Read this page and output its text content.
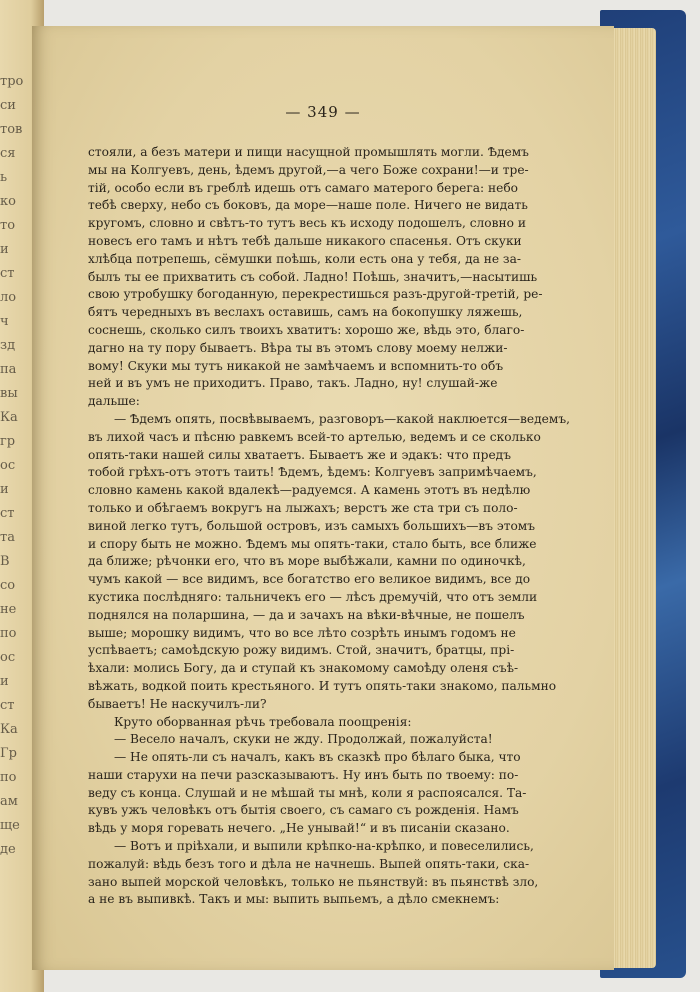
тро
си
тов
ся
ь
ко
то
и
ст
ло
ч
зд
па
вы
Ка
гр
ос
и
ст
та
В
со
не
по
ос
и
ст
Ка
Гр
по
ам
ще
де
— 349 —
стояли, а безъ матери и пищи насущной промышлять могли. Ѣдемъ
мы на Колгуевъ, день, ѣдемъ другой,—а чего Боже сохрани!—и тре-
тій, особо если въ греблѣ идешь отъ самаго матерого берега: небо
тебѣ сверху, небо съ боковъ, да море—наше поле. Ничего не видать
кругомъ, словно и свѣтъ-то тутъ весь къ исходу подошелъ, словно и
новесъ его тамъ и нѣтъ тебѣ дальше никакого спасенья. Отъ скуки
хлѣбца потрепешь, сёмушки поѣшь, коли есть она у тебя, да не за-
былъ ты ее прихватить съ собой. Ладно! Поѣшь, значитъ,—насытишь
свою утробушку богоданную, перекрестишься разъ-другой-третій, ре-
бятъ чередныхъ въ веслахъ оставишь, самъ на бокопушку ляжешь,
соснешь, сколько силъ твоихъ хватитъ: хорошо же, вѣдь это, благо-
дагно на ту пору бываетъ. Вѣра ты въ этомъ слову моему нелжи-
вому! Скуки мы тутъ никакой не замѣчаемъ и вспомнить-то объ
ней и въ умъ не приходитъ. Право, такъ. Ладно, ну! слушай-же
дальше:
— Ѣдемъ опять, посвѣвываемъ, разговоръ—какой наклюется—ведемъ,
въ лихой часъ и пѣсню равкемъ всей-то артелью, ведемъ и се сколько
опять-таки нашей силы хватаетъ. Бываетъ же и эдакъ: что предъ
тобой грѣхъ-отъ этотъ таить! Ѣдемъ, ѣдемъ: Колгуевъ запримѣчаемъ,
словно камень какой вдалекѣ—радуемся. А камень этотъ въ недѣлю
только и обѣгаемъ вокругъ на лыжахъ; верстъ же ста три съ поло-
виной легко тутъ, большой островъ, изъ самыхъ большихъ—въ этомъ
и спору быть не можно. Ѣдемъ мы опять-таки, стало быть, все ближе
да ближе; рѣчонки его, что въ море выбѣжали, камни по одиночкѣ,
чумъ какой — все видимъ, все богатство его великое видимъ, все до
кустика послѣдняго: тальничекъ его — лѣсъ дремучій, что отъ земли
поднялся на поларшина, — да и зачахъ на вѣки-вѣчные, не пошелъ
выше; морошку видимъ, что во все лѣто созрѣть инымъ годомъ не
успѣваетъ; самоѣдскую рожу видимъ. Стой, значитъ, братцы, прі-
ѣхали: молись Богу, да и ступай къ знакомому самоѣду оленя съѣ-
вѣжать, водкой поить крестьяного. И тутъ опять-таки знакомо, пальмно
бываетъ! Не наскучилъ-ли?
Круто оборванная рѣчь требовала поощренія:
— Весело началъ, скуки не жду. Продолжай, пожалуйста!
— Не опять-ли съ началъ, какъ въ сказкѣ про бѣлаго быка, что
наши старухи на печи разсказываютъ. Ну инъ быть по твоему: по-
веду съ конца. Слушай и не мѣшай ты мнѣ, коли я распоясался. Та-
кувъ ужъ человѣкъ отъ бытія своего, съ самаго съ рожденія. Намъ
вѣдь у моря горевать нечего. „Не унывай!“ и въ писаніи сказано.
— Вотъ и пріѣхали, и выпили крѣпко-на-крѣпко, и повеселились,
пожалуй: вѣдь безъ того и дѣла не начнешь. Выпей опять-таки, ска-
зано выпей морской человѣкъ, только не пьянствуй: въ пьянствѣ зло,
а не въ выпивкѣ. Такъ и мы: выпить выпьемъ, а дѣло смекнемъ:
